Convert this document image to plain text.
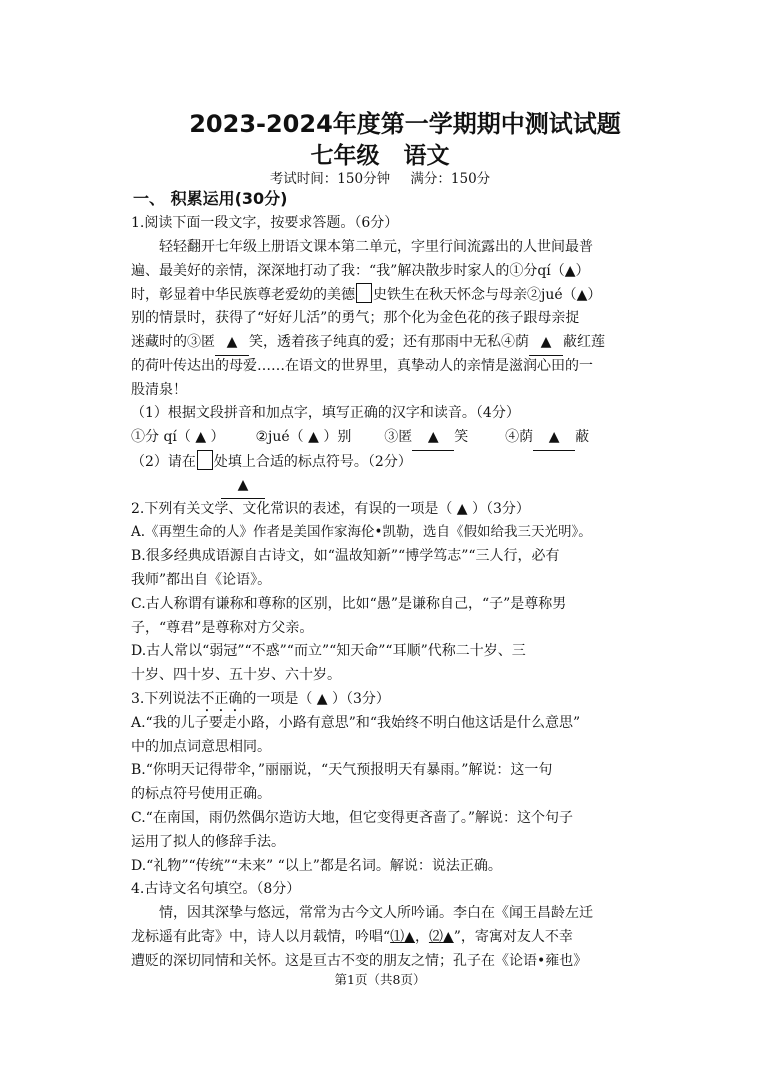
2023-2024年度第一学期期中测试试题
七年级 语文
考试时间：150分钟 满分：150分
一、 积累运用(30分)
1.阅读下面一段文字，按要求答题。（6分）
轻轻翻开七年级上册语文课本第二单元，字里行间流露出的人世间最普
遍、最美好的亲情，深深地打动了我：“我”解决散步时家人的①分qí（▲）
时，彰显着中华民族尊老爱幼的美德 史铁生在秋天怀念与母亲②jué（▲）
别的情景时，获得了“好好儿活”的勇气；那个化为金色花的孩子跟母亲捉
迷藏时的③匿 ▲ 笑，透着孩子纯真的爱；还有那雨中无私④荫 ▲ 蔽红莲
的荷叶传达出的母爱……在语文的世界里，真挚动人的亲情是滋润心田的一
股清泉！
（1）根据文段拼音和加点字，填写正确的汉字和读音。（4分）
①分 qí（ ▲ ） ②jué（ ▲ ）别 ③匿 ▲ 笑	④荫 ▲ 蔽
（2）请在 处填上合适的标点符号。（2分）
▲
2.下列有关文学、文化常识的表述，有误的一项是（ ▲ ）（3分）
A.《再塑生命的人》作者是美国作家海伦•凯勒，选自《假如给我三天光明》。
B.很多经典成语源自古诗文，如“温故知新”“博学笃志”“三人行，必有
我师”都出自《论语》。
C.古人称谓有谦称和尊称的区别，比如“愚”是谦称自己，“子”是尊称男
子，“尊君”是尊称对方父亲。
D.古人常以“弱冠”“不惑”“而立”“知天命”“耳顺”代称二十岁、三
十岁、四十岁、五十岁、六十岁。
3.下列说法不正确的一项是（ ▲ ）（3分）
A.“我的儿子要走小路，小路有意思”和“我始终不明白他这话是什么意思”
中的加点词意思相同。
B.“你明天记得带伞，”丽丽说，“天气预报明天有暴雨。”解说：这一句
的标点符号使用正确。
C.“在南国，雨仍然偶尔造访大地，但它变得更吝啬了。”解说：这个句子
运用了拟人的修辞手法。
D.“礼物”“传统”“未来” “以上”都是名词。解说：说法正确。
4.古诗文名句填空。（8分）
情，因其深挚与悠远，常常为古今文人所吟诵。李白在《闻王昌龄左迁
龙标遥有此寄》中，诗人以月载情，吟唱“⑴▲，⑵▲”，寄寓对友人不幸
遭贬的深切同情和关怀。这是亘古不变的朋友之情；孔子在《论语•雍也》
第1页（共8页）
